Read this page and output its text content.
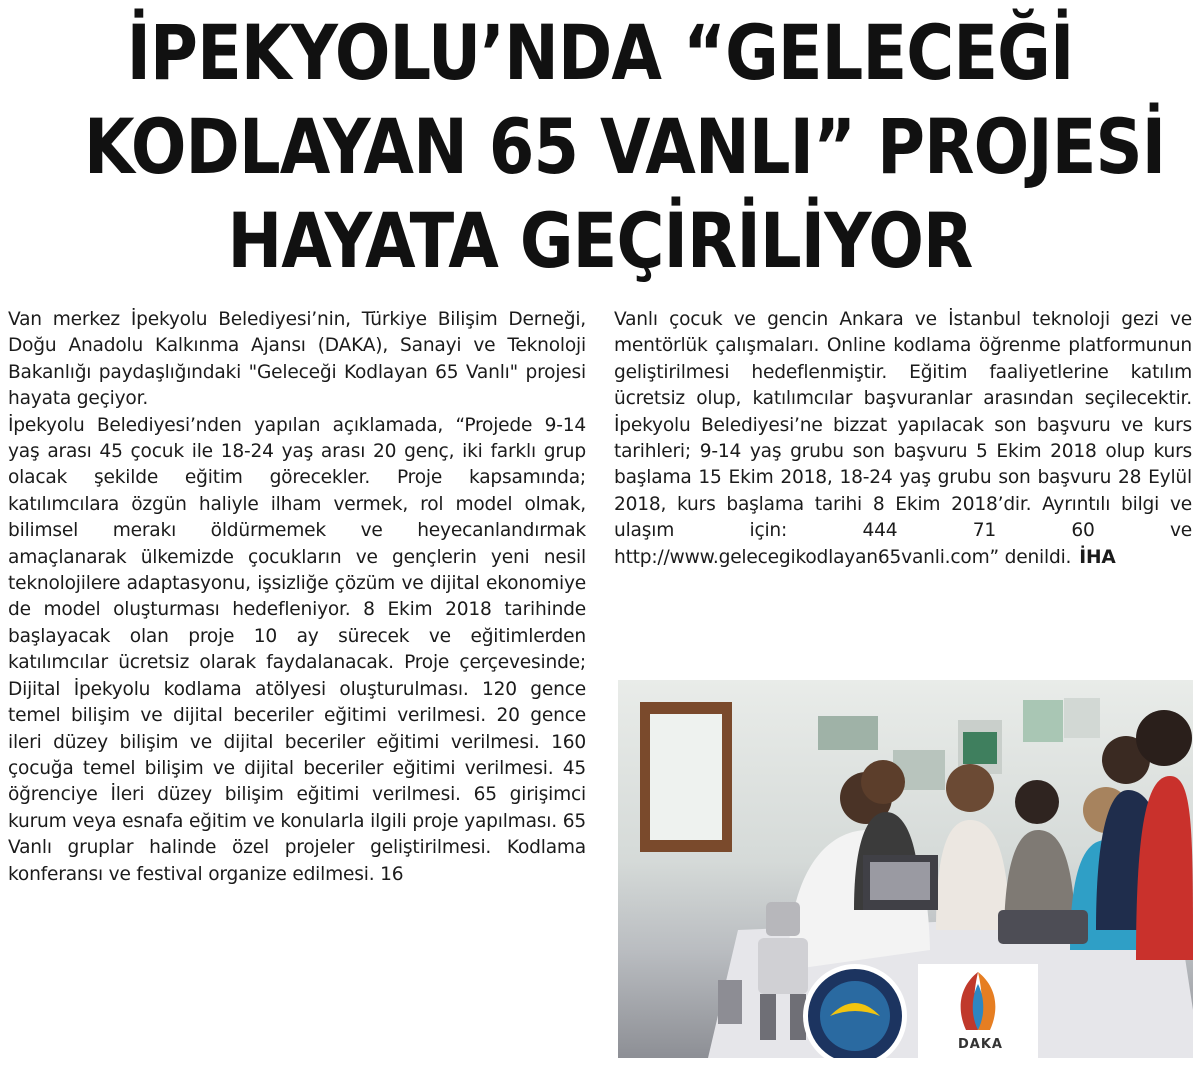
İPEKYOLU’NDA “GELECEĞİ
KODLAYAN 65 VANLI” PROJESİ
HAYATA GEÇİRİLİYOR

Van merkez İpekyolu Belediyesi’nin, Türkiye Bilişim Derneği, Doğu Anadolu Kalkınma Ajansı (DAKA), Sanayi ve Teknoloji Bakanlığı paydaşlığındaki "Geleceği Kodlayan 65 Vanlı" projesi hayata geçiyor.

İpekyolu Belediyesi’nden yapılan açıklamada, “Projede 9-14 yaş arası 45 çocuk ile 18-24 yaş arası 20 genç, iki farklı grup olacak şekilde eğitim görecekler. Proje kapsamında; katılımcılara özgün haliyle ilham vermek, rol model olmak, bilimsel merakı öldürmemek ve heyecanlandırmak amaçlanarak ülkemizde çocukların ve gençlerin yeni nesil teknolojilere adaptasyonu, işsizliğe çözüm ve dijital ekonomiye de model oluşturması hedefleniyor. 8 Ekim 2018 tarihinde başlayacak olan proje 10 ay sürecek ve eğitimlerden katılımcılar ücretsiz olarak faydalanacak. Proje çerçevesinde; Dijital İpekyolu kodlama atölyesi oluşturulması. 120 gence temel bilişim ve dijital beceriler eğitimi verilmesi. 20 gence ileri düzey bilişim ve dijital beceriler eğitimi verilmesi. 160 çocuğa temel bilişim ve dijital beceriler eğitimi verilmesi. 45 öğrenciye İleri düzey bilişim eğitimi verilmesi. 65 girişimci kurum veya esnafa eğitim ve konularla ilgili proje yapılması. 65 Vanlı gruplar halinde özel projeler geliştirilmesi. Kodlama konferansı ve festival organize edilmesi. 16

Vanlı çocuk ve gencin Ankara ve İstanbul teknoloji gezi ve mentörlük çalışmaları. Online kodlama öğrenme platformunun geliştirilmesi hedeflenmiştir. Eğitim faaliyetlerine katılım ücretsiz olup, katılımcılar başvuranlar arasından seçilecektir. İpekyolu Belediyesi’ne bizzat yapılacak son başvuru ve kurs tarihleri; 9-14 yaş grubu son başvuru 5 Ekim 2018 olup kurs başlama 15 Ekim 2018, 18-24 yaş grubu son başvuru 28 Eylül 2018, kurs başlama tarihi 8 Ekim 2018’dir. Ayrıntılı bilgi ve ulaşım için: 444 71 60 ve http://www.gelecegikodlayan65vanli.com” denildi. İHA

DAKA
